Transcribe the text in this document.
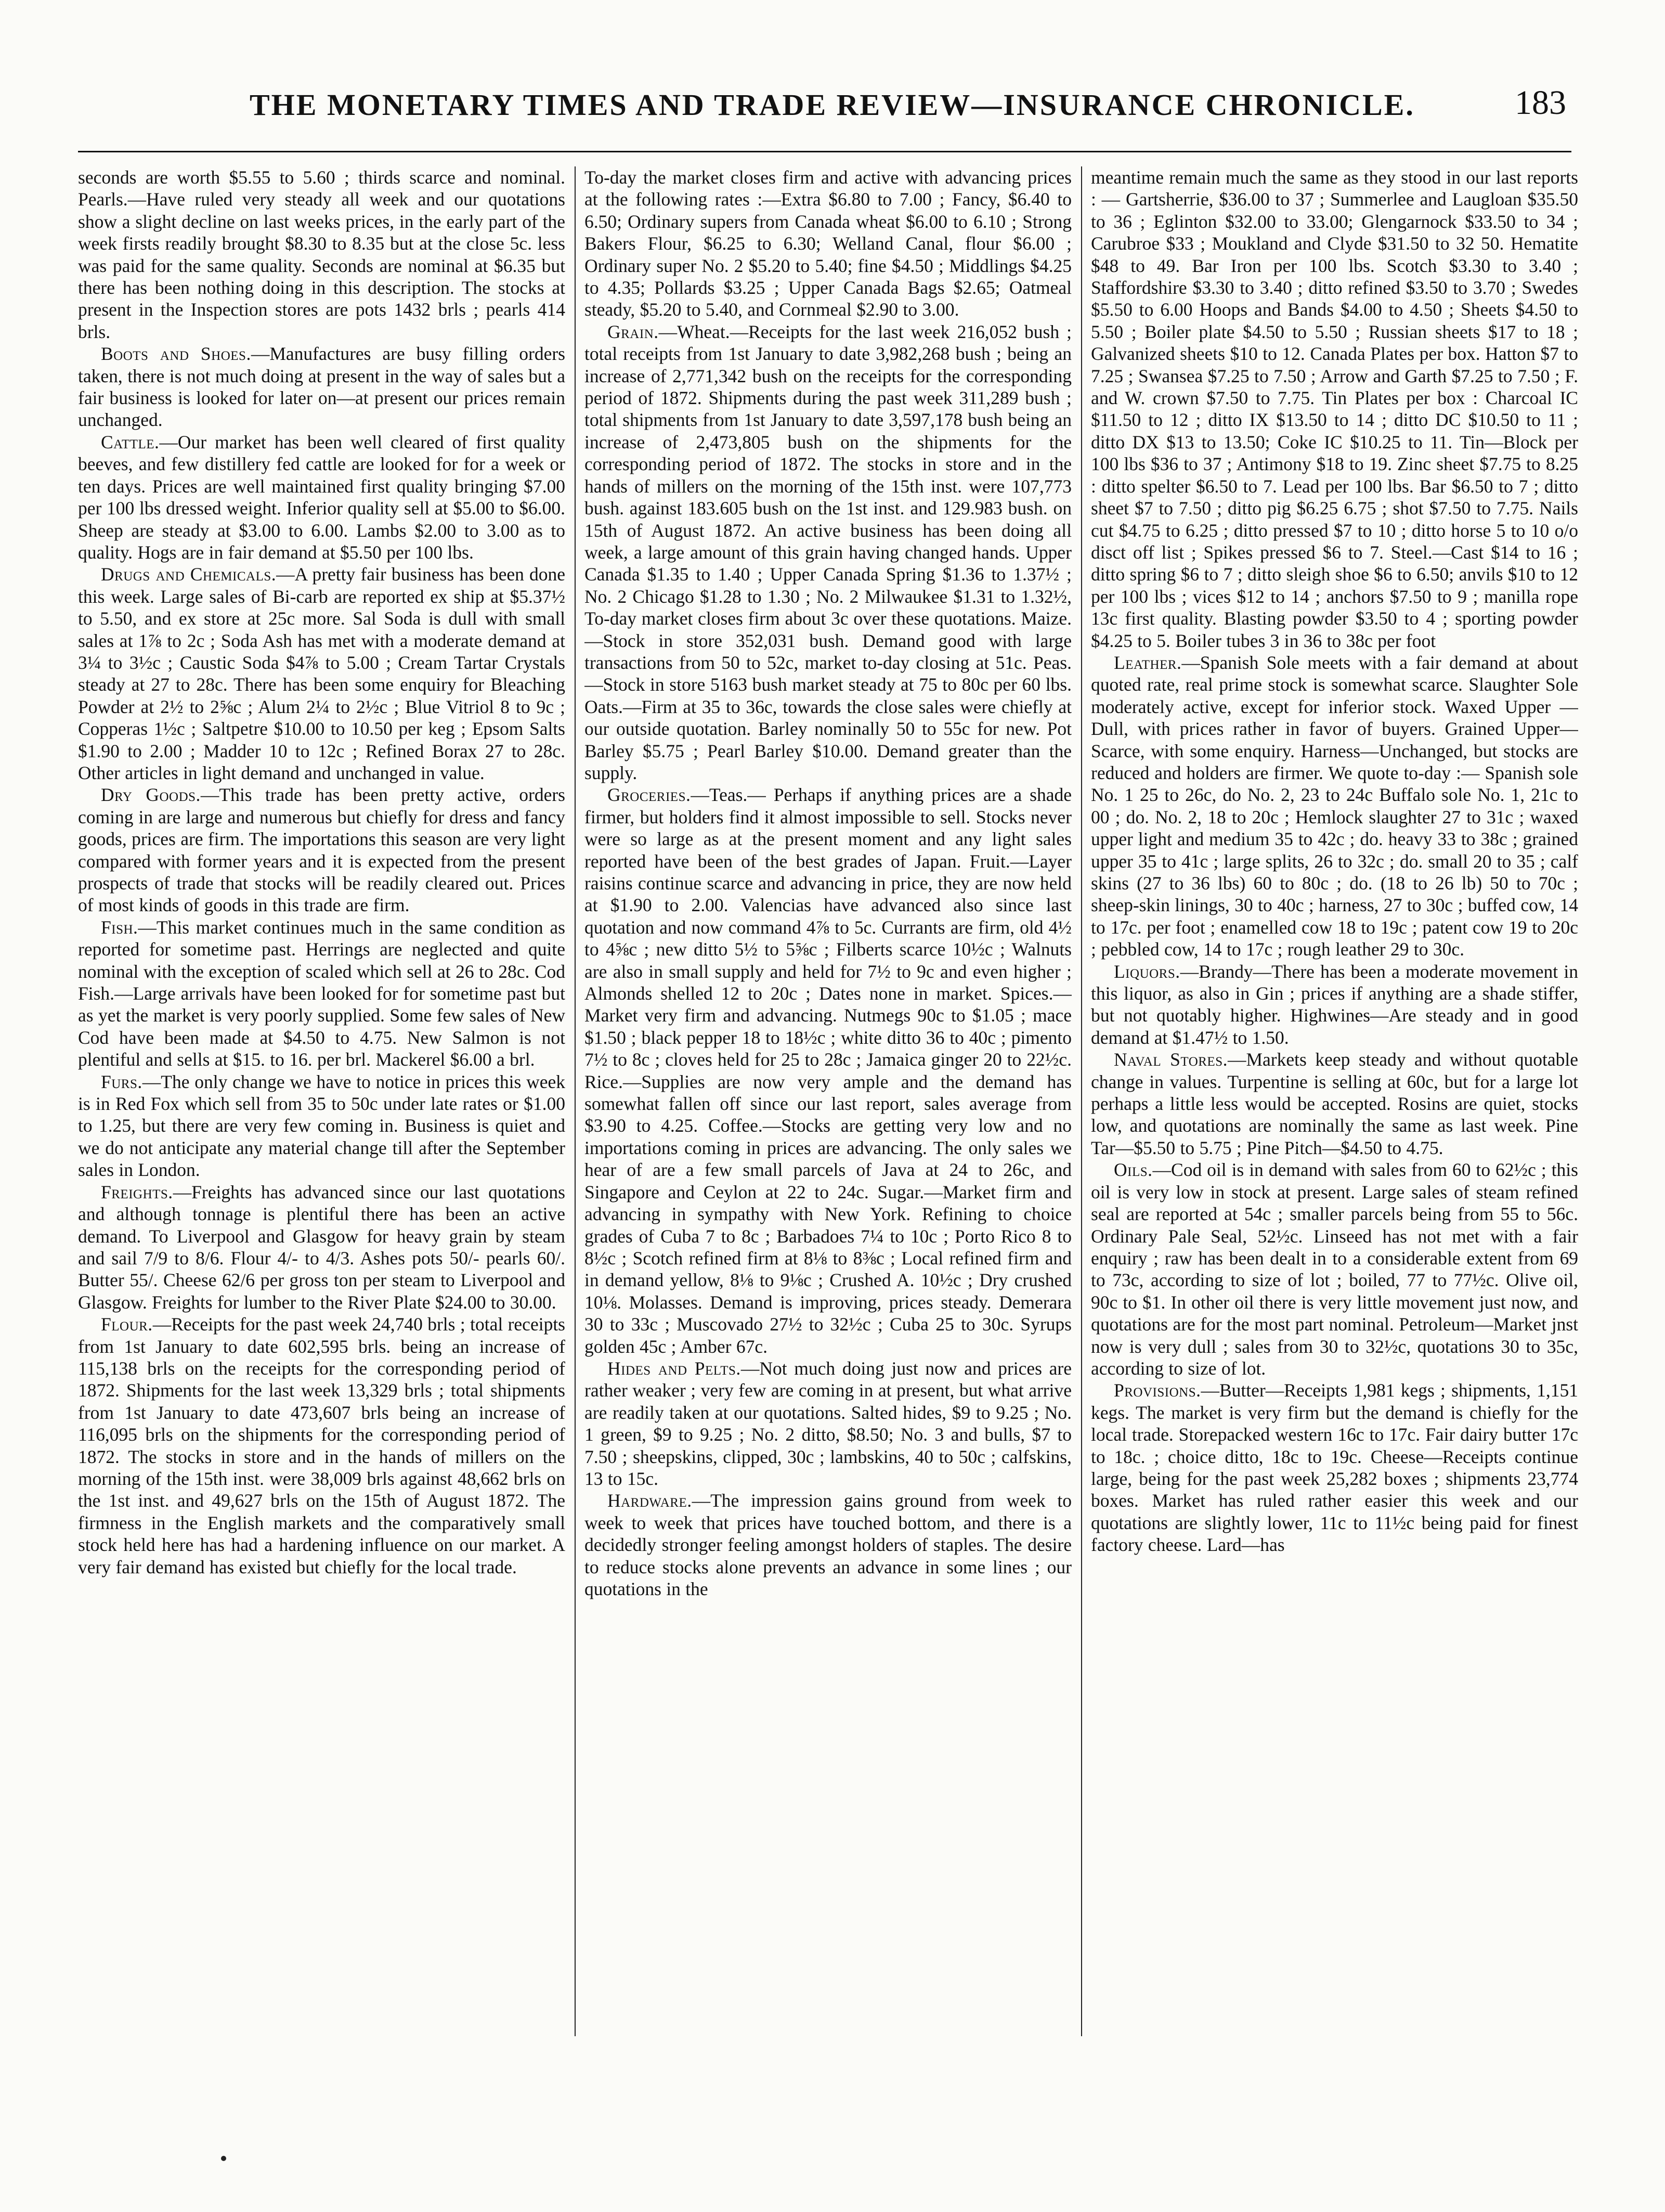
THE MONETARY TIMES AND TRADE REVIEW—INSURANCE CHRONICLE.	183

seconds are worth $5.55 to 5.60 ; thirds scarce and nominal. Pearls.—Have ruled very steady all week and our quotations show a slight decline on last weeks prices, in the early part of the week firsts readily brought $8.30 to 8.35 but at the close 5c. less was paid for the same quality. Seconds are nominal at $6.35 but there has been nothing doing in this description. The stocks at present in the Inspection stores are pots 1432 brls ; pearls 414 brls.

Boots and Shoes.—Manufactures are busy filling orders taken, there is not much doing at present in the way of sales but a fair business is looked for later on—at present our prices remain unchanged.

Cattle.—Our market has been well cleared of first quality beeves, and few distillery fed cattle are looked for for a week or ten days. Prices are well maintained first quality bringing $7.00 per 100 lbs dressed weight. Inferior quality sell at $5.00 to $6.00. Sheep are steady at $3.00 to 6.00. Lambs $2.00 to 3.00 as to quality. Hogs are in fair demand at $5.50 per 100 lbs.

Drugs and Chemicals.—A pretty fair business has been done this week. Large sales of Bi-carb are reported ex ship at $5.37½ to 5.50, and ex store at 25c more. Sal Soda is dull with small sales at 1⅞ to 2c ; Soda Ash has met with a moderate demand at 3¼ to 3½c ; Caustic Soda $4⅞ to 5.00 ; Cream Tartar Crystals steady at 27 to 28c. There has been some enquiry for Bleaching Powder at 2½ to 2⅝c ; Alum 2¼ to 2½c ; Blue Vitriol 8 to 9c ; Copperas 1½c ; Saltpetre $10.00 to 10.50 per keg ; Epsom Salts $1.90 to 2.00 ; Madder 10 to 12c ; Refined Borax 27 to 28c. Other articles in light demand and unchanged in value.

Dry Goods.—This trade has been pretty active, orders coming in are large and numerous but chiefly for dress and fancy goods, prices are firm. The importations this season are very light compared with former years and it is expected from the present prospects of trade that stocks will be readily cleared out. Prices of most kinds of goods in this trade are firm.

Fish.—This market continues much in the same condition as reported for sometime past. Herrings are neglected and quite nominal with the exception of scaled which sell at 26 to 28c. Cod Fish.—Large arrivals have been looked for for sometime past but as yet the market is very poorly supplied. Some few sales of New Cod have been made at $4.50 to 4.75. New Salmon is not plentiful and sells at $15. to 16. per brl. Mackerel $6.00 a brl.

Furs.—The only change we have to notice in prices this week is in Red Fox which sell from 35 to 50c under late rates or $1.00 to 1.25, but there are very few coming in. Business is quiet and we do not anticipate any material change till after the September sales in London.

Freights.—Freights has advanced since our last quotations and although tonnage is plentiful there has been an active demand. To Liverpool and Glasgow for heavy grain by steam and sail 7/9 to 8/6. Flour 4/- to 4/3. Ashes pots 50/- pearls 60/. Butter 55/. Cheese 62/6 per gross ton per steam to Liverpool and Glasgow. Freights for lumber to the River Plate $24.00 to 30.00.

Flour.—Receipts for the past week 24,740 brls ; total receipts from 1st January to date 602,595 brls. being an increase of 115,138 brls on the receipts for the corresponding period of 1872. Shipments for the last week 13,329 brls ; total shipments from 1st January to date 473,607 brls being an increase of 116,095 brls on the shipments for the corresponding period of 1872. The stocks in store and in the hands of millers on the morning of the 15th inst. were 38,009 brls against 48,662 brls on the 1st inst. and 49,627 brls on the 15th of August 1872. The firmness in the English markets and the comparatively small stock held here has had a hardening influence on our market. A very fair demand has existed but chiefly for the local trade.

To-day the market closes firm and active with advancing prices at the following rates :—Extra $6.80 to 7.00 ; Fancy, $6.40 to 6.50; Ordinary supers from Canada wheat $6.00 to 6.10 ; Strong Bakers Flour, $6.25 to 6.30; Welland Canal, flour $6.00 ; Ordinary super No. 2 $5.20 to 5.40; fine $4.50 ; Middlings $4.25 to 4.35; Pollards $3.25 ; Upper Canada Bags $2.65; Oatmeal steady, $5.20 to 5.40, and Cornmeal $2.90 to 3.00.

Grain.—Wheat.—Receipts for the last week 216,052 bush ; total receipts from 1st January to date 3,982,268 bush ; being an increase of 2,771,342 bush on the receipts for the corresponding period of 1872. Shipments during the past week 311,289 bush ; total shipments from 1st January to date 3,597,178 bush being an increase of 2,473,805 bush on the shipments for the corresponding period of 1872. The stocks in store and in the hands of millers on the morning of the 15th inst. were 107,773 bush. against 183.605 bush on the 1st inst. and 129.983 bush. on 15th of August 1872. An active business has been doing all week, a large amount of this grain having changed hands. Upper Canada $1.35 to 1.40 ; Upper Canada Spring $1.36 to 1.37½ ; No. 2 Chicago $1.28 to 1.30 ; No. 2 Milwaukee $1.31 to 1.32½, To-day market closes firm about 3c over these quotations. Maize.—Stock in store 352,031 bush. Demand good with large transactions from 50 to 52c, market to-day closing at 51c. Peas.—Stock in store 5163 bush market steady at 75 to 80c per 60 lbs. Oats.—Firm at 35 to 36c, towards the close sales were chiefly at our outside quotation. Barley nominally 50 to 55c for new. Pot Barley $5.75 ; Pearl Barley $10.00. Demand greater than the supply.

Groceries.—Teas.— Perhaps if anything prices are a shade firmer, but holders find it almost impossible to sell. Stocks never were so large as at the present moment and any light sales reported have been of the best grades of Japan. Fruit.—Layer raisins continue scarce and advancing in price, they are now held at $1.90 to 2.00. Valencias have advanced also since last quotation and now command 4⅞ to 5c. Currants are firm, old 4½ to 4⅝c ; new ditto 5½ to 5⅝c ; Filberts scarce 10½c ; Walnuts are also in small supply and held for 7½ to 9c and even higher ; Almonds shelled 12 to 20c ; Dates none in market. Spices.—Market very firm and advancing. Nutmegs 90c to $1.05 ; mace $1.50 ; black pepper 18 to 18½c ; white ditto 36 to 40c ; pimento 7½ to 8c ; cloves held for 25 to 28c ; Jamaica ginger 20 to 22½c. Rice.—Supplies are now very ample and the demand has somewhat fallen off since our last report, sales average from $3.90 to 4.25. Coffee.—Stocks are getting very low and no importations coming in prices are advancing. The only sales we hear of are a few small parcels of Java at 24 to 26c, and Singapore and Ceylon at 22 to 24c. Sugar.—Market firm and advancing in sympathy with New York. Refining to choice grades of Cuba 7 to 8c ; Barbadoes 7¼ to 10c ; Porto Rico 8 to 8½c ; Scotch refined firm at 8⅛ to 8⅜c ; Local refined firm and in demand yellow, 8⅛ to 9⅛c ; Crushed A. 10½c ; Dry crushed 10⅛. Molasses. Demand is improving, prices steady. Demerara 30 to 33c ; Muscovado 27½ to 32½c ; Cuba 25 to 30c. Syrups golden 45c ; Amber 67c.

Hides and Pelts.—Not much doing just now and prices are rather weaker ; very few are coming in at present, but what arrive are readily taken at our quotations. Salted hides, $9 to 9.25 ; No. 1 green, $9 to 9.25 ; No. 2 ditto, $8.50; No. 3 and bulls, $7 to 7.50 ; sheepskins, clipped, 30c ; lambskins, 40 to 50c ; calfskins, 13 to 15c.

Hardware.—The impression gains ground from week to week to week that prices have touched bottom, and there is a decidedly stronger feeling amongst holders of staples. The desire to reduce stocks alone prevents an advance in some lines ; our quotations in the

meantime remain much the same as they stood in our last reports : — Gartsherrie, $36.00 to 37 ; Summerlee and Laugloan $35.50 to 36 ; Eglinton $32.00 to 33.00; Glengarnock $33.50 to 34 ; Carubroe $33 ; Moukland and Clyde $31.50 to 32 50. Hematite $48 to 49. Bar Iron per 100 lbs. Scotch $3.30 to 3.40 ; Staffordshire $3.30 to 3.40 ; ditto refined $3.50 to 3.70 ; Swedes $5.50 to 6.00 Hoops and Bands $4.00 to 4.50 ; Sheets $4.50 to 5.50 ; Boiler plate $4.50 to 5.50 ; Russian sheets $17 to 18 ; Galvanized sheets $10 to 12. Canada Plates per box. Hatton $7 to 7.25 ; Swansea $7.25 to 7.50 ; Arrow and Garth $7.25 to 7.50 ; F. and W. crown $7.50 to 7.75. Tin Plates per box : Charcoal IC $11.50 to 12 ; ditto IX $13.50 to 14 ; ditto DC $10.50 to 11 ; ditto DX $13 to 13.50; Coke IC $10.25 to 11. Tin—Block per 100 lbs $36 to 37 ; Antimony $18 to 19. Zinc sheet $7.75 to 8.25 : ditto spelter $6.50 to 7. Lead per 100 lbs. Bar $6.50 to 7 ; ditto sheet $7 to 7.50 ; ditto pig $6.25 6.75 ; shot $7.50 to 7.75. Nails cut $4.75 to 6.25 ; ditto pressed $7 to 10 ; ditto horse 5 to 10 o/o disct off list ; Spikes pressed $6 to 7. Steel.—Cast $14 to 16 ; ditto spring $6 to 7 ; ditto sleigh shoe $6 to 6.50; anvils $10 to 12 per 100 lbs ; vices $12 to 14 ; anchors $7.50 to 9 ; manilla rope 13c first quality. Blasting powder $3.50 to 4 ; sporting powder $4.25 to 5. Boiler tubes 3 in 36 to 38c per foot

Leather.—Spanish Sole meets with a fair demand at about quoted rate, real prime stock is somewhat scarce. Slaughter Sole moderately active, except for inferior stock. Waxed Upper —Dull, with prices rather in favor of buyers. Grained Upper—Scarce, with some enquiry. Harness—Unchanged, but stocks are reduced and holders are firmer. We quote to-day :— Spanish sole No. 1 25 to 26c, do No. 2, 23 to 24c Buffalo sole No. 1, 21c to 00 ; do. No. 2, 18 to 20c ; Hemlock slaughter 27 to 31c ; waxed upper light and medium 35 to 42c ; do. heavy 33 to 38c ; grained upper 35 to 41c ; large splits, 26 to 32c ; do. small 20 to 35 ; calf skins (27 to 36 lbs) 60 to 80c ; do. (18 to 26 lb) 50 to 70c ; sheep-skin linings, 30 to 40c ; harness, 27 to 30c ; buffed cow, 14 to 17c. per foot ; enamelled cow 18 to 19c ; patent cow 19 to 20c ; pebbled cow, 14 to 17c ; rough leather 29 to 30c.

Liquors.—Brandy—There has been a moderate movement in this liquor, as also in Gin ; prices if anything are a shade stiffer, but not quotably higher. Highwines—Are steady and in good demand at $1.47½ to 1.50.

Naval Stores.—Markets keep steady and without quotable change in values. Turpentine is selling at 60c, but for a large lot perhaps a little less would be accepted. Rosins are quiet, stocks low, and quotations are nominally the same as last week. Pine Tar—$5.50 to 5.75 ; Pine Pitch—$4.50 to 4.75.

Oils.—Cod oil is in demand with sales from 60 to 62½c ; this oil is very low in stock at present. Large sales of steam refined seal are reported at 54c ; smaller parcels being from 55 to 56c. Ordinary Pale Seal, 52½c. Linseed has not met with a fair enquiry ; raw has been dealt in to a considerable extent from 69 to 73c, according to size of lot ; boiled, 77 to 77½c. Olive oil, 90c to $1. In other oil there is very little movement just now, and quotations are for the most part nominal. Petroleum—Market jnst now is very dull ; sales from 30 to 32½c, quotations 30 to 35c, according to size of lot.

Provisions.—Butter—Receipts 1,981 kegs ; shipments, 1,151 kegs. The market is very firm but the demand is chiefly for the local trade. Storepacked western 16c to 17c. Fair dairy butter 17c to 18c. ; choice ditto, 18c to 19c. Cheese—Receipts continue large, being for the past week 25,282 boxes ; shipments 23,774 boxes. Market has ruled rather easier this week and our quotations are slightly lower, 11c to 11½c being paid for finest factory cheese. Lard—has
